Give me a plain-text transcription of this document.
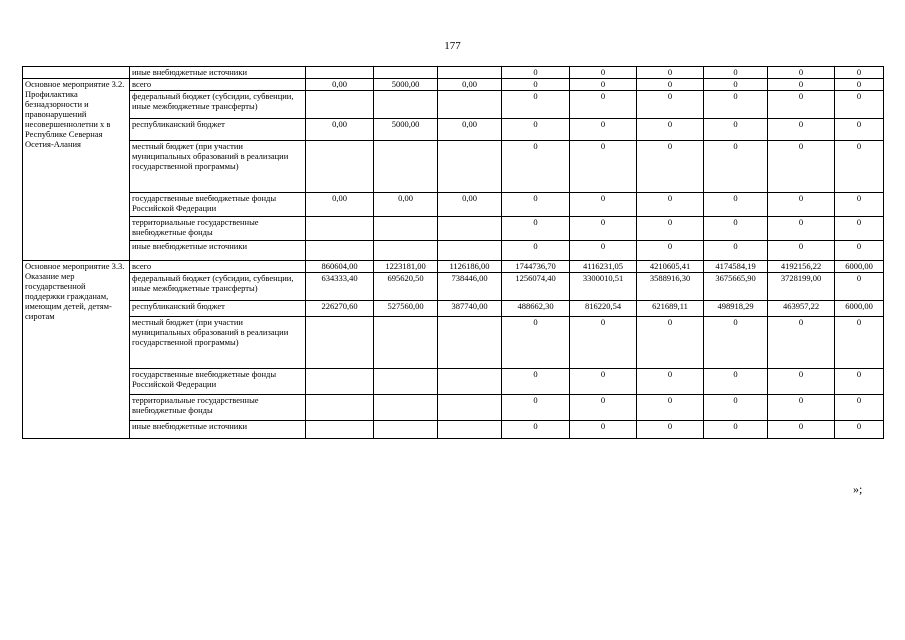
177
	иные внебюджетные источники				0	0	0	0	0	0
Основное мероприятие 3.2. Профилактика безнадзорности и правонарушений несовершеннолетни х в Республике Северная Осетия-Алания	всего	0,00	5000,00	0,00	0	0	0	0	0	0
	федеральный бюджет (субсидии, субвенции, иные межбюджетные трансферты)				0	0	0	0	0	0
	республиканский бюджет	0,00	5000,00	0,00	0	0	0	0	0	0
	местный бюджет (при участии муниципальных образований в реализации государственной программы)				0	0	0	0	0	0
	государственные внебюджетные фонды Российской Федерации	0,00	0,00	0,00	0	0	0	0	0	0
	территориальные государственные внебюджетные фонды				0	0	0	0	0	0
	иные внебюджетные источники				0	0	0	0	0	0
Основное мероприятие 3.3. Оказание мер государственной поддержки гражданам, имеющим детей, детям-сиротам	всего	860604,00	1223181,00	1126186,00	1744736,70	4116231,05	4210605,41	4174584,19	4192156,22	6000,00
	федеральный бюджет (субсидии, субвенции, иные межбюджетные трансферты)	634333,40	695620,50	738446,00	1256074,40	3300010,51	3588916,30	3675665,90	3728199,00	0
	республиканский бюджет	226270,60	527560,00	387740,00	488662,30	816220,54	621689,11	498918,29	463957,22	6000,00
	местный бюджет (при участии муниципальных образований в реализации государственной программы)				0	0	0	0	0	0
	государственные внебюджетные фонды Российской Федерации				0	0	0	0	0	0
	территориальные государственные внебюджетные фонды				0	0	0	0	0	0
	иные внебюджетные источники				0	0	0	0	0	0
»;
